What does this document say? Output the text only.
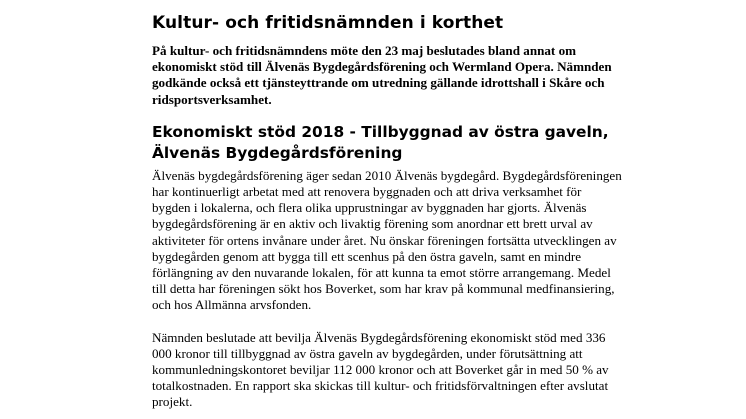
Kultur- och fritidsnämnden i korthet

På kultur- och fritidsnämndens möte den 23 maj beslutades bland annat om ekonomiskt stöd till Älvenäs Bygdegårdsförening och Wermland Opera. Nämnden godkände också ett tjänsteyttrande om utredning gällande idrottshall i Skåre och ridsportsverksamhet.

Ekonomiskt stöd 2018 - Tillbyggnad av östra gaveln, Älvenäs Bygdegårdsförening

Älvenäs bygdegårdsförening äger sedan 2010 Älvenäs bygdegård. Bygdegårdsföreningen har kontinuerligt arbetat med att renovera byggnaden och att driva verksamhet för bygden i lokalerna, och flera olika upprustningar av byggnaden har gjorts. Älvenäs bygdegårdsförening är en aktiv och livaktig förening som anordnar ett brett urval av aktiviteter för ortens invånare under året. Nu önskar föreningen fortsätta utvecklingen av bygdegården genom att bygga till ett scenhus på den östra gaveln, samt en mindre förlängning av den nuvarande lokalen, för att kunna ta emot större arrangemang. Medel till detta har föreningen sökt hos Boverket, som har krav på kommunal medfinansiering, och hos Allmänna arvsfonden.

Nämnden beslutade att bevilja Älvenäs Bygdegårdsförening ekonomiskt stöd med 336 000 kronor till tillbyggnad av östra gaveln av bygdegården, under förutsättning att kommunledningskontoret beviljar 112 000 kronor och att Boverket går in med 50 % av totalkostnaden. En rapport ska skickas till kultur- och fritidsförvaltningen efter avslutat projekt.
